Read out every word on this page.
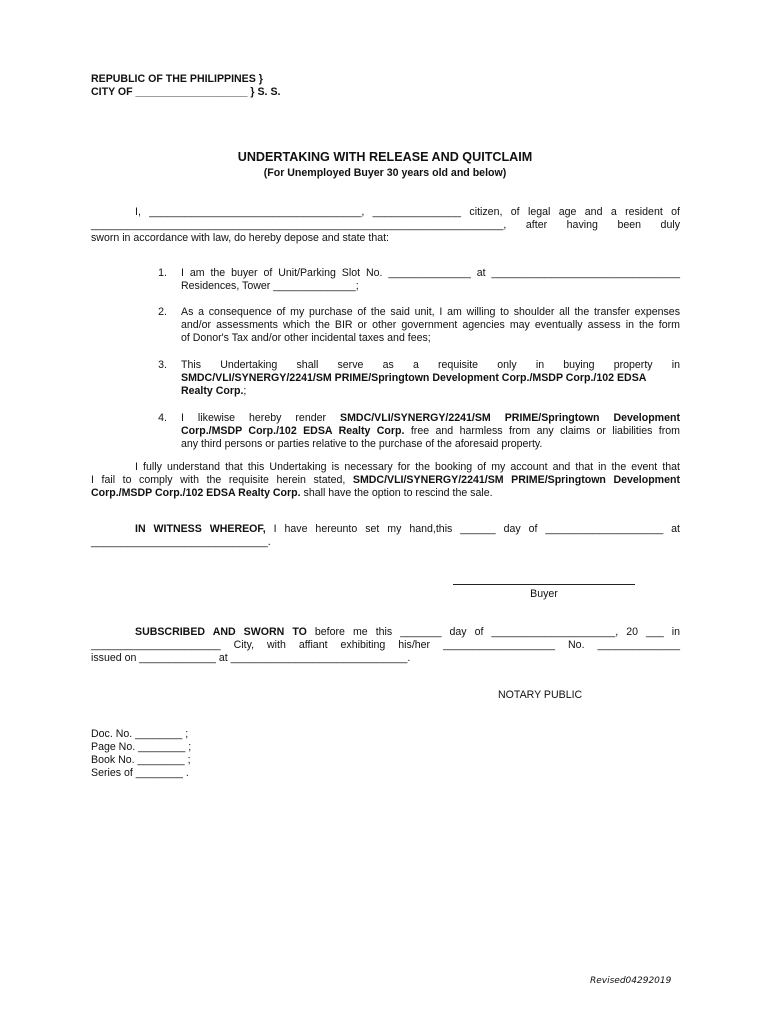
REPUBLIC OF THE PHILIPPINES }
CITY OF ___________________ } S. S.
UNDERTAKING WITH RELEASE AND QUITCLAIM
(For Unemployed Buyer 30 years old and below)
I, ____________________________________, _______________ citizen, of legal age and a resident of
______________________________________________________________________, after having been duly
sworn in accordance with law, do hereby depose and state that:
1. I am the buyer of Unit/Parking Slot No. ______________ at ________________________________
Residences, Tower ______________;
2. As a consequence of my purchase of the said unit, I am willing to shoulder all the transfer expenses
and/or assessments which the BIR or other government agencies may eventually assess in the form
of Donor's Tax and/or other incidental taxes and fees;
3. This Undertaking shall serve as a requisite only in buying property in
SMDC/VLI/SYNERGY/2241/SM PRIME/Springtown Development Corp./MSDP Corp./102 EDSA
Realty Corp.;
4. I likewise hereby render SMDC/VLI/SYNERGY/2241/SM PRIME/Springtown Development
Corp./MSDP Corp./102 EDSA Realty Corp. free and harmless from any claims or liabilities from
any third persons or parties relative to the purchase of the aforesaid property.
I fully understand that this Undertaking is necessary for the booking of my account and that in the event that
I fail to comply with the requisite herein stated, SMDC/VLI/SYNERGY/2241/SM PRIME/Springtown Development
Corp./MSDP Corp./102 EDSA Realty Corp. shall have the option to rescind the sale.
IN WITNESS WHEREOF, I have hereunto set my hand,this ______ day of ____________________ at
______________________________.
Buyer
SUBSCRIBED AND SWORN TO before me this _______ day of _____________________, 20 ___ in
______________________ City, with affiant exhibiting his/her ___________________ No. ______________
issued on _____________ at ______________________________.
NOTARY PUBLIC
Doc. No. ________ ;
Page No. ________ ;
Book No. ________ ;
Series of ________ .
Revised04292019
